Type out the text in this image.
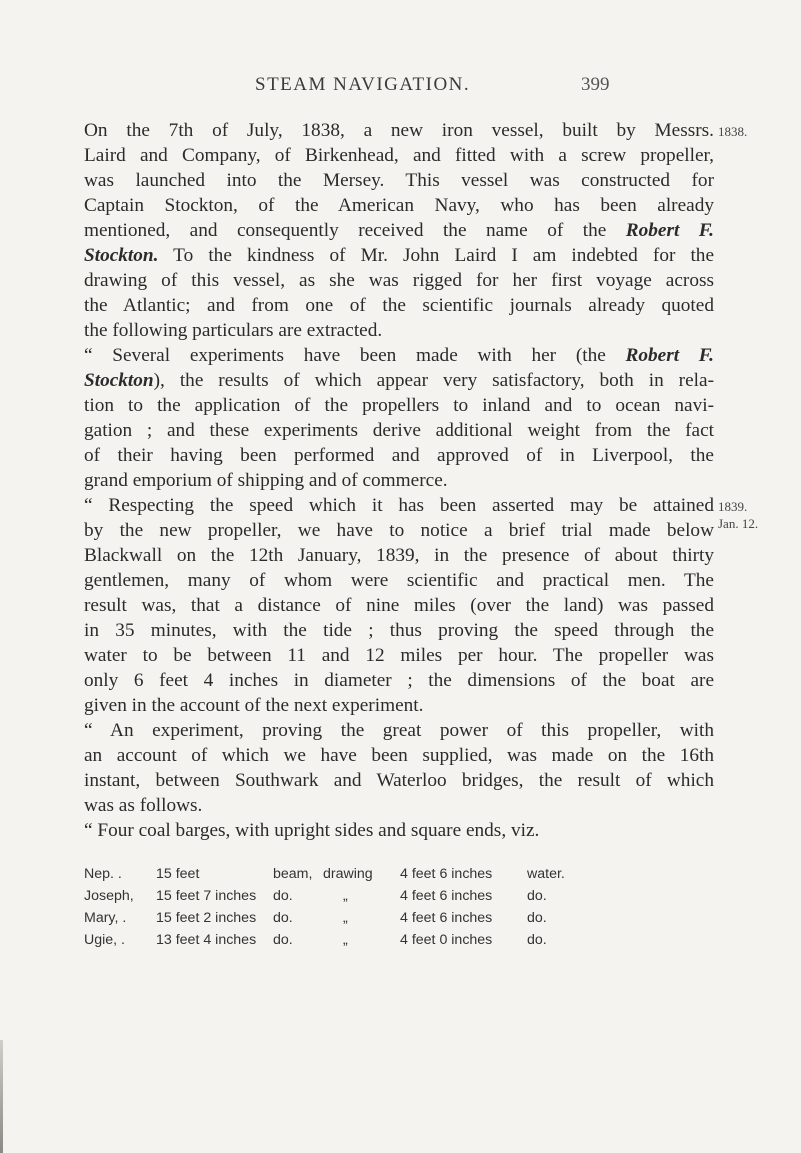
STEAM NAVIGATION.	399
1838.
1839.
Jan. 12.
On the 7th of July, 1838, a new iron vessel, built by Messrs.
Laird and Company, of Birkenhead, and fitted with a screw propeller,
was launched into the Mersey. This vessel was constructed for
Captain Stockton, of the American Navy, who has been already
mentioned, and consequently received the name of the Robert F.
Stockton. To the kindness of Mr. John Laird I am indebted for the
drawing of this vessel, as she was rigged for her first voyage across
the Atlantic; and from one of the scientific journals already quoted
the following particulars are extracted.
“ Several experiments have been made with her (the Robert F.
Stockton), the results of which appear very satisfactory, both in rela-
tion to the application of the propellers to inland and to ocean navi-
gation ; and these experiments derive additional weight from the fact
of their having been performed and approved of in Liverpool, the
grand emporium of shipping and of commerce.
“ Respecting the speed which it has been asserted may be attained
by the new propeller, we have to notice a brief trial made below
Blackwall on the 12th January, 1839, in the presence of about thirty
gentlemen, many of whom were scientific and practical men. The
result was, that a distance of nine miles (over the land) was passed
in 35 minutes, with the tide ; thus proving the speed through the
water to be between 11 and 12 miles per hour. The propeller was
only 6 feet 4 inches in diameter ; the dimensions of the boat are
given in the account of the next experiment.
“ An experiment, proving the great power of this propeller, with
an account of which we have been supplied, was made on the 16th
instant, between Southwark and Waterloo bridges, the result of which
was as follows.
“ Four coal barges, with upright sides and square ends, viz.
Nep. . 15 feet	beam, drawing 4 feet 6 inches water.
Joseph, 15 feet 7 inches do.	„	4 feet 6 inches do.
Mary, . 15 feet 2 inches do.	„	4 feet 6 inches do.
Ugie, . 13 feet 4 inches do.	„	4 feet 0 inches do.
